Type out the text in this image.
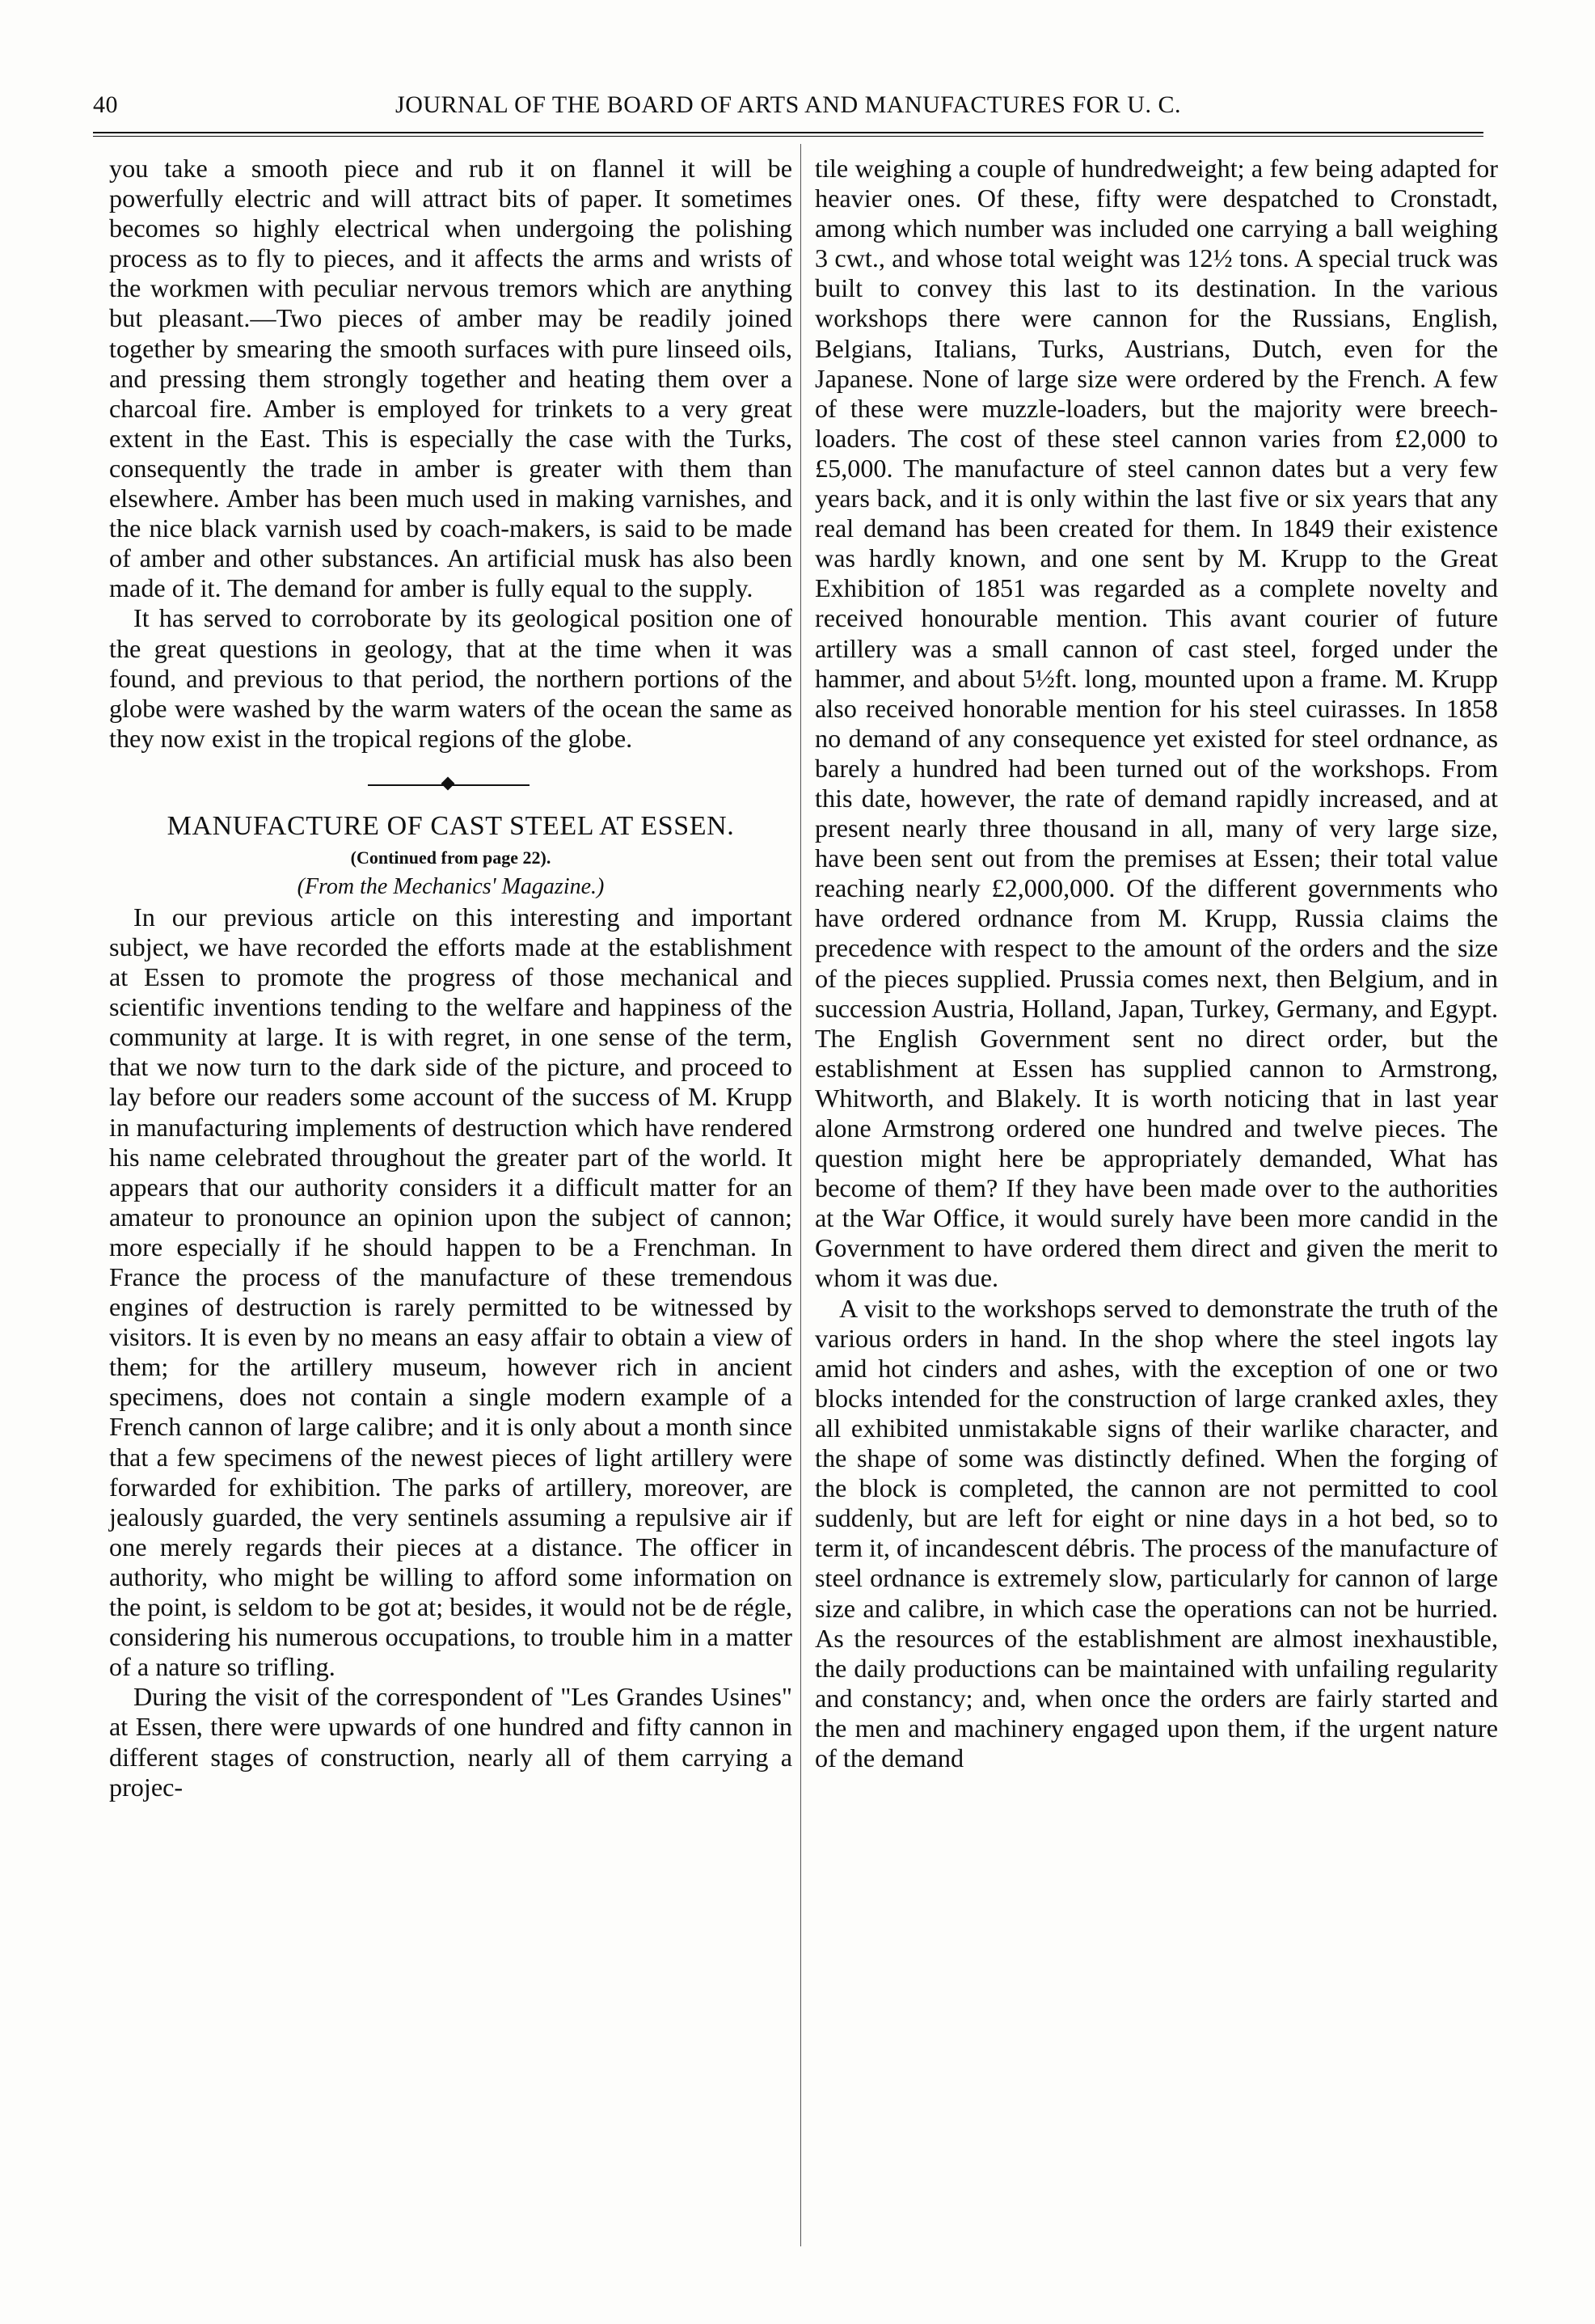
40	JOURNAL OF THE BOARD OF ARTS AND MANUFACTURES FOR U. C.

you take a smooth piece and rub it on flannel it will be powerfully electric and will attract bits of paper. It sometimes becomes so highly electrical when undergoing the polishing process as to fly to pieces, and it affects the arms and wrists of the workmen with peculiar nervous tremors which are anything but pleasant.—Two pieces of amber may be readily joined together by smearing the smooth surfaces with pure linseed oils, and pressing them strongly together and heating them over a charcoal fire. Amber is employed for trinkets to a very great extent in the East. This is especially the case with the Turks, consequently the trade in amber is greater with them than elsewhere. Amber has been much used in making varnishes, and the nice black varnish used by coach-makers, is said to be made of amber and other substances. An artificial musk has also been made of it. The demand for amber is fully equal to the supply.

It has served to corroborate by its geological position one of the great questions in geology, that at the time when it was found, and previous to that period, the northern portions of the globe were washed by the warm waters of the ocean the same as they now exist in the tropical regions of the globe.

MANUFACTURE OF CAST STEEL AT ESSEN.

(Continued from page 22).

(From the Mechanics' Magazine.)

In our previous article on this interesting and important subject, we have recorded the efforts made at the establishment at Essen to promote the progress of those mechanical and scientific inventions tending to the welfare and happiness of the community at large. It is with regret, in one sense of the term, that we now turn to the dark side of the picture, and proceed to lay before our readers some account of the success of M. Krupp in manufacturing implements of destruction which have rendered his name celebrated throughout the greater part of the world. It appears that our authority considers it a difficult matter for an amateur to pronounce an opinion upon the subject of cannon; more especially if he should happen to be a Frenchman. In France the process of the manufacture of these tremendous engines of destruction is rarely permitted to be witnessed by visitors. It is even by no means an easy affair to obtain a view of them; for the artillery museum, however rich in ancient specimens, does not contain a single modern example of a French cannon of large calibre; and it is only about a month since that a few specimens of the newest pieces of light artillery were forwarded for exhibition. The parks of artillery, moreover, are jealously guarded, the very sentinels assuming a repulsive air if one merely regards their pieces at a distance. The officer in authority, who might be willing to afford some information on the point, is seldom to be got at; besides, it would not be de régle, considering his numerous occupations, to trouble him in a matter of a nature so trifling.

During the visit of the correspondent of "Les Grandes Usines" at Essen, there were upwards of one hundred and fifty cannon in different stages of construction, nearly all of them carrying a projec-

tile weighing a couple of hundredweight; a few being adapted for heavier ones. Of these, fifty were despatched to Cronstadt, among which number was included one carrying a ball weighing 3 cwt., and whose total weight was 12½ tons. A special truck was built to convey this last to its destination. In the various workshops there were cannon for the Russians, English, Belgians, Italians, Turks, Austrians, Dutch, even for the Japanese. None of large size were ordered by the French. A few of these were muzzle-loaders, but the majority were breech-loaders. The cost of these steel cannon varies from £2,000 to £5,000. The manufacture of steel cannon dates but a very few years back, and it is only within the last five or six years that any real demand has been created for them. In 1849 their existence was hardly known, and one sent by M. Krupp to the Great Exhibition of 1851 was regarded as a complete novelty and received honourable mention. This avant courier of future artillery was a small cannon of cast steel, forged under the hammer, and about 5½ft. long, mounted upon a frame. M. Krupp also received honorable mention for his steel cuirasses. In 1858 no demand of any consequence yet existed for steel ordnance, as barely a hundred had been turned out of the workshops. From this date, however, the rate of demand rapidly increased, and at present nearly three thousand in all, many of very large size, have been sent out from the premises at Essen; their total value reaching nearly £2,000,000. Of the different governments who have ordered ordnance from M. Krupp, Russia claims the precedence with respect to the amount of the orders and the size of the pieces supplied. Prussia comes next, then Belgium, and in succession Austria, Holland, Japan, Turkey, Germany, and Egypt. The English Government sent no direct order, but the establishment at Essen has supplied cannon to Armstrong, Whitworth, and Blakely. It is worth noticing that in last year alone Armstrong ordered one hundred and twelve pieces. The question might here be appropriately demanded, What has become of them? If they have been made over to the authorities at the War Office, it would surely have been more candid in the Government to have ordered them direct and given the merit to whom it was due.

A visit to the workshops served to demonstrate the truth of the various orders in hand. In the shop where the steel ingots lay amid hot cinders and ashes, with the exception of one or two blocks intended for the construction of large cranked axles, they all exhibited unmistakable signs of their warlike character, and the shape of some was distinctly defined. When the forging of the block is completed, the cannon are not permitted to cool suddenly, but are left for eight or nine days in a hot bed, so to term it, of incandescent débris. The process of the manufacture of steel ordnance is extremely slow, particularly for cannon of large size and calibre, in which case the operations can not be hurried. As the resources of the establishment are almost inexhaustible, the daily productions can be maintained with unfailing regularity and constancy; and, when once the orders are fairly started and the men and machinery engaged upon them, if the urgent nature of the demand
